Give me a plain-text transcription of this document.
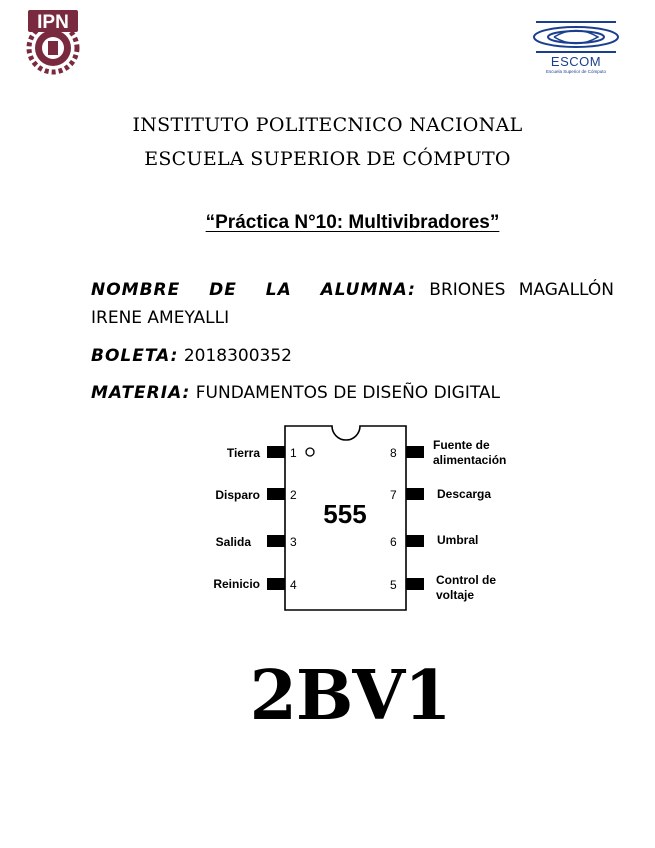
IPN
ESCOM
Escuela Superior de Cómputo
INSTITUTO POLITECNICO NACIONAL
ESCUELA SUPERIOR DE CÓMPUTO
“Práctica N°10: Multivibradores”
NOMBRE DE LA ALUMNA: BRIONES MAGALLÓN IRENE AMEYALLI
BOLETA: 2018300352
MATERIA: FUNDAMENTOS DE DISEÑO DIGITAL
555
1
2
3
4
8
7
6
5
Tierra
Disparo
Salida
Reinicio
Fuente de
alimentación
Descarga
Umbral
Control de
voltaje
2BV1
